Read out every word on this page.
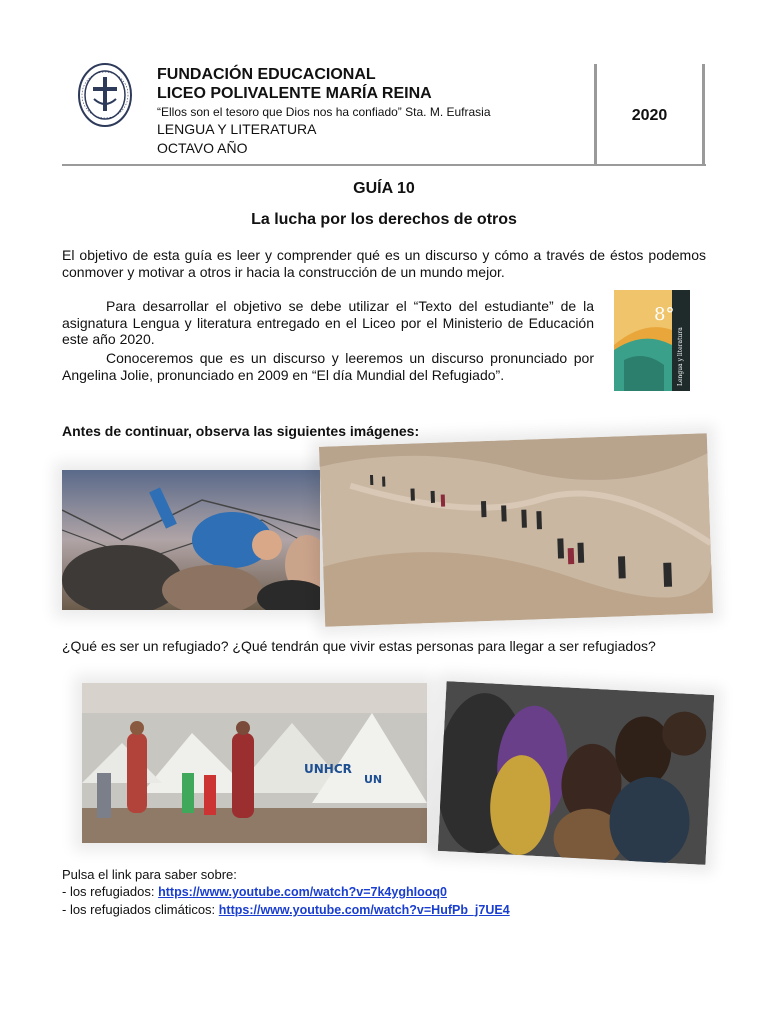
FUNDACIÓN EDUCACIONAL
LICEO POLIVALENTE MARÍA REINA
“Ellos son el tesoro que Dios nos ha confiado” Sta. M. Eufrasia
LENGUA Y LITERATURA
OCTAVO AÑO
2020
GUÍA 10
La lucha por los derechos de otros
El objetivo de esta guía es leer y comprender qué es un discurso y cómo a través de éstos podemos conmover y motivar a otros ir hacia la construcción de un mundo mejor.
Para desarrollar el objetivo se debe utilizar el “Texto del estudiante” de la asignatura Lengua y literatura entregado en el Liceo por el Ministerio de Educación este año 2020.
Conoceremos que es un discurso y leeremos un discurso pronunciado por Angelina Jolie, pronunciado en 2009 en “El día Mundial del Refugiado”.
8°
Lengua y literatura
Antes de continuar, observa las siguientes imágenes:
¿Qué es ser un refugiado? ¿Qué tendrán que vivir estas personas para llegar a ser refugiados?
UNHCR
UN
Pulsa el link para saber sobre:
- los refugiados: https://www.youtube.com/watch?v=7k4yghIooq0
- los refugiados climáticos: https://www.youtube.com/watch?v=HufPb_j7UE4
